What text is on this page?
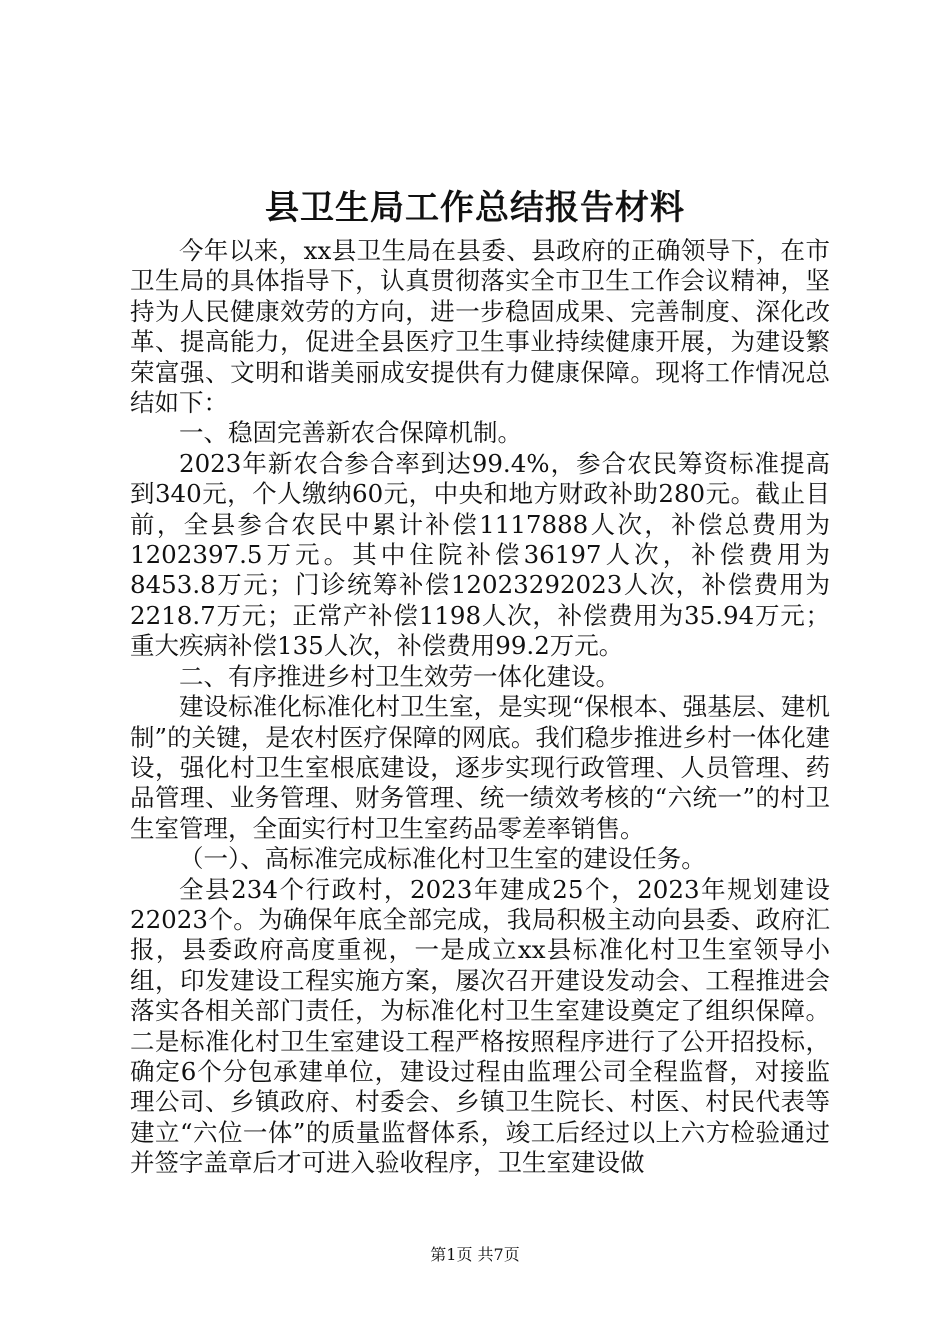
县卫生局工作总结报告材料

今年以来，xx县卫生局在县委、县政府的正确领导下，在市卫生局的具体指导下，认真贯彻落实全市卫生工作会议精神，坚持为人民健康效劳的方向，进一步稳固成果、完善制度、深化改革、提高能力，促进全县医疗卫生事业持续健康开展，为建设繁荣富强、文明和谐美丽成安提供有力健康保障。现将工作情况总结如下：

一、稳固完善新农合保障机制。

2023年新农合参合率到达99.4%，参合农民筹资标准提高到340元，个人缴纳60元，中央和地方财政补助280元。截止目前，全县参合农民中累计补偿1117888人次，补偿总费用为1202397.5万元。其中住院补偿36197人次，补偿费用为8453.8万元；门诊统筹补偿12023292023人次，补偿费用为2218.7万元；正常产补偿1198人次，补偿费用为35.94万元；重大疾病补偿135人次，补偿费用99.2万元。

二、有序推进乡村卫生效劳一体化建设。

建设标准化标准化村卫生室，是实现“保根本、强基层、建机制”的关键，是农村医疗保障的网底。我们稳步推进乡村一体化建设，强化村卫生室根底建设，逐步实现行政管理、人员管理、药品管理、业务管理、财务管理、统一绩效考核的“六统一”的村卫生室管理，全面实行村卫生室药品零差率销售。

（一）、高标准完成标准化村卫生室的建设任务。

全县234个行政村，2023年建成25个，2023年规划建设22023个。为确保年底全部完成，我局积极主动向县委、政府汇报，县委政府高度重视，一是成立xx县标准化村卫生室领导小组，印发建设工程实施方案，屡次召开建设发动会、工程推进会落实各相关部门责任，为标准化村卫生室建设奠定了组织保障。二是标准化村卫生室建设工程严格按照程序进行了公开招投标，确定6个分包承建单位，建设过程由监理公司全程监督，对接监理公司、乡镇政府、村委会、乡镇卫生院长、村医、村民代表等建立“六位一体”的质量监督体系，竣工后经过以上六方检验通过并签字盖章后才可进入验收程序，卫生室建设做

第1页 共7页
